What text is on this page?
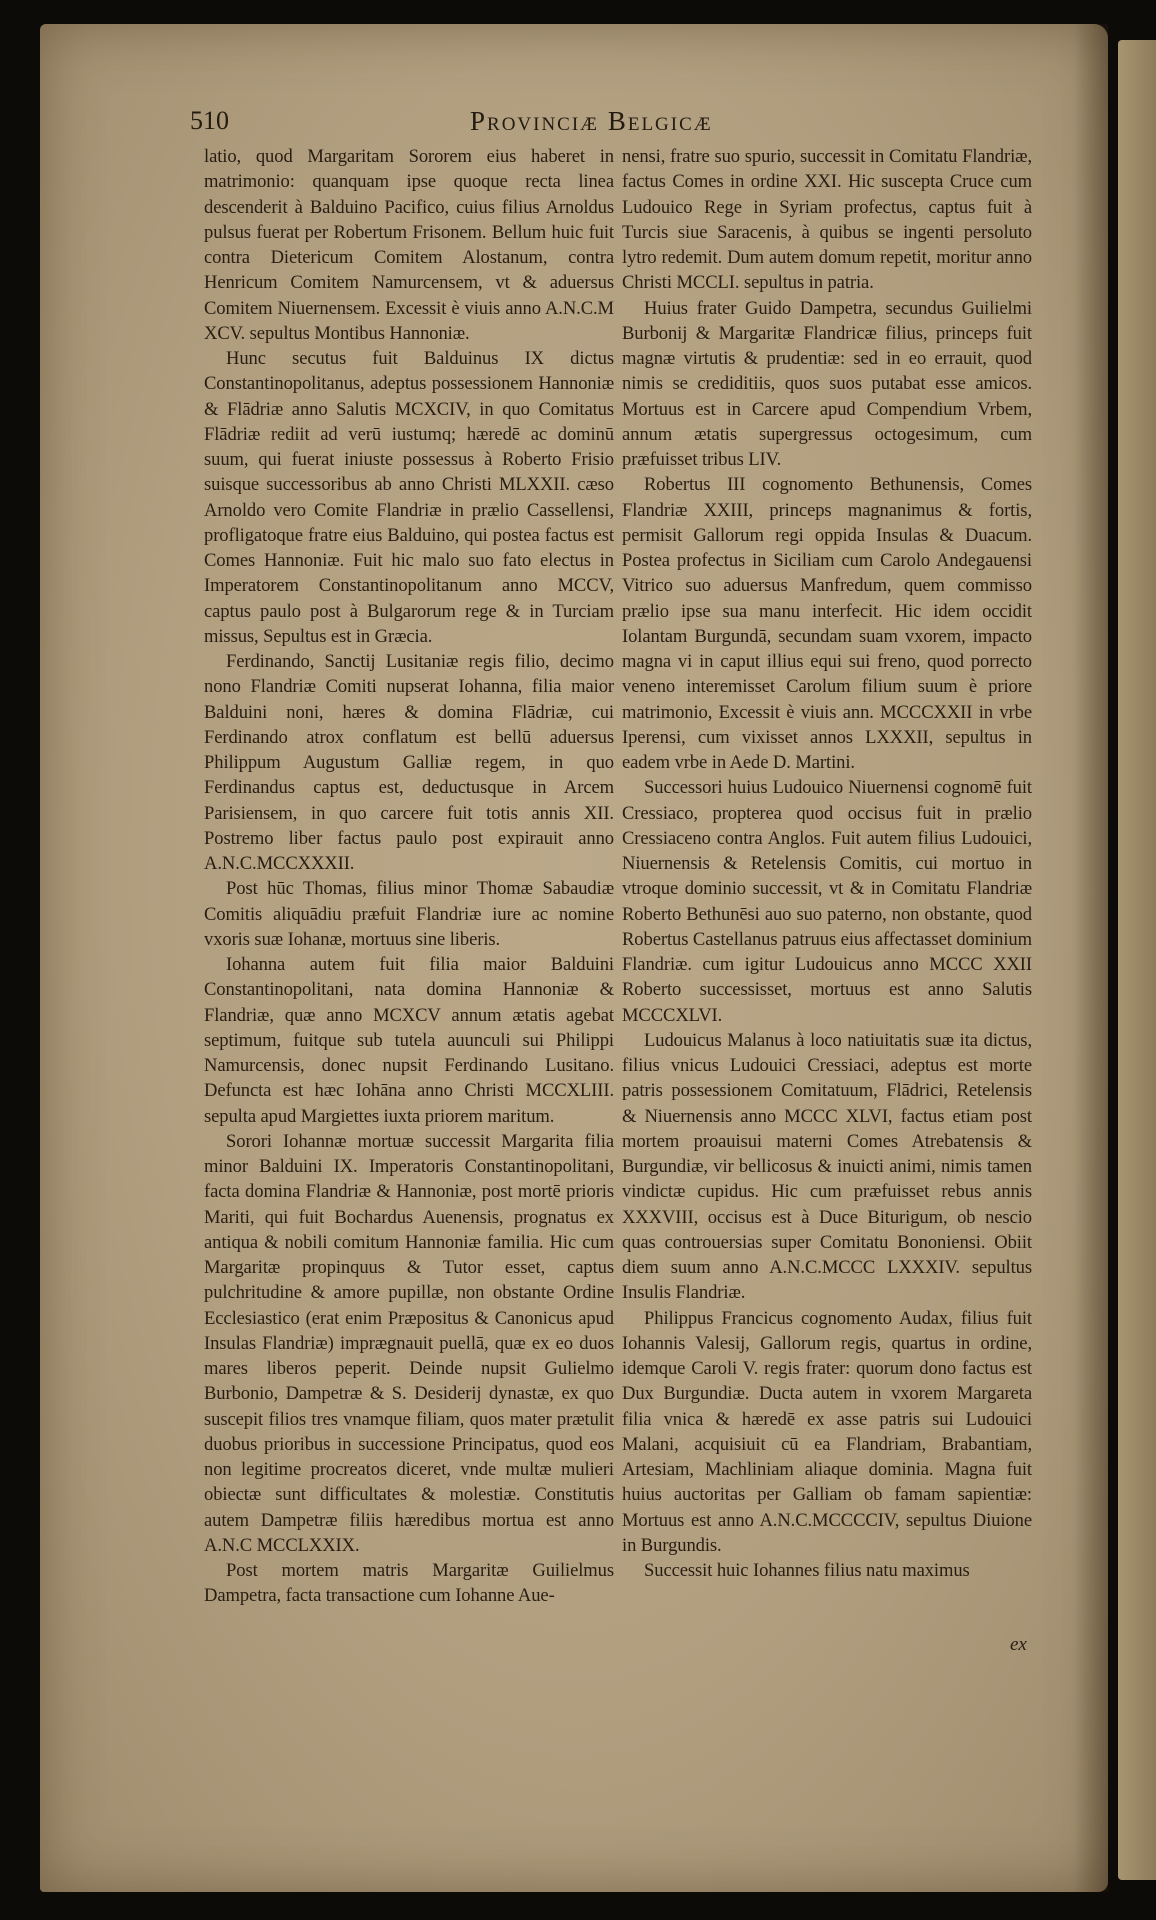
510	Provinciæ Belgicæ

latio, quod Margaritam Sororem eius haberet in matrimonio: quanquam ipse quoque recta linea descenderit à Balduino Pacifico, cuius filius Arnoldus pulsus fuerat per Robertum Frisonem. Bellum huic fuit contra Dietericum Comitem Alostanum, contra Henricum Comitem Namurcensem, vt & aduersus Comitem Niuernensem. Excessit è viuis anno A.N.C.M XCV. sepultus Montibus Hannoniæ.

Hunc secutus fuit Balduinus IX dictus Constantinopolitanus, adeptus possessionem Hannoniæ & Flādriæ anno Salutis MCXCIV, in quo Comitatus Flādriæ rediit ad verū iustumq; hæredē ac dominū suum, qui fuerat iniuste possessus à Roberto Frisio suisque successoribus ab anno Christi MLXXII. cæso Arnoldo vero Comite Flandriæ in prælio Cassellensi, profligatoque fratre eius Balduino, qui postea factus est Comes Hannoniæ. Fuit hic malo suo fato electus in Imperatorem Constantinopolitanum anno MCCV, captus paulo post à Bulgarorum rege & in Turciam missus, Sepultus est in Græcia.

Ferdinando, Sanctij Lusitaniæ regis filio, decimo nono Flandriæ Comiti nupserat Iohanna, filia maior Balduini noni, hæres & domina Flādriæ, cui Ferdinando atrox conflatum est bellū aduersus Philippum Augustum Galliæ regem, in quo Ferdinandus captus est, deductusque in Arcem Parisiensem, in quo carcere fuit totis annis XII. Postremo liber factus paulo post expirauit anno A.N.C.MCCXXXII.

Post hūc Thomas, filius minor Thomæ Sabaudiæ Comitis aliquādiu præfuit Flandriæ iure ac nomine vxoris suæ Iohanæ, mortuus sine liberis.

Iohanna autem fuit filia maior Balduini Constantinopolitani, nata domina Hannoniæ & Flandriæ, quæ anno MCXCV annum ætatis agebat septimum, fuitque sub tutela auunculi sui Philippi Namurcensis, donec nupsit Ferdinando Lusitano. Defuncta est hæc Iohāna anno Christi MCCXLIII. sepulta apud Margiettes iuxta priorem maritum.

Sorori Iohannæ mortuæ successit Margarita filia minor Balduini IX. Imperatoris Constantinopolitani, facta domina Flandriæ & Hannoniæ, post mortē prioris Mariti, qui fuit Bochardus Auenensis, prognatus ex antiqua & nobili comitum Hannoniæ familia. Hic cum Margaritæ propinquus & Tutor esset, captus pulchritudine & amore pupillæ, non obstante Ordine Ecclesiastico (erat enim Præpositus & Canonicus apud Insulas Flandriæ) imprægnauit puellā, quæ ex eo duos mares liberos peperit. Deinde nupsit Gulielmo Burbonio, Dampetræ & S. Desiderij dynastæ, ex quo suscepit filios tres vnamque filiam, quos mater prætulit duobus prioribus in successione Principatus, quod eos non legitime procreatos diceret, vnde multæ mulieri obiectæ sunt difficultates & molestiæ. Constitutis autem Dampetræ filiis hæredibus mortua est anno A.N.C MCCLXXIX.

Post mortem matris Margaritæ Guilielmus Dampetra, facta transactione cum Iohanne Aue-

nensi, fratre suo spurio, successit in Comitatu Flandriæ, factus Comes in ordine XXI. Hic suscepta Cruce cum Ludouico Rege in Syriam profectus, captus fuit à Turcis siue Saracenis, à quibus se ingenti persoluto lytro redemit. Dum autem domum repetit, moritur anno Christi MCCLI. sepultus in patria.

Huius frater Guido Dampetra, secundus Guilielmi Burbonij & Margaritæ Flandricæ filius, princeps fuit magnæ virtutis & prudentiæ: sed in eo errauit, quod nimis se crediditiis, quos suos putabat esse amicos. Mortuus est in Carcere apud Compendium Vrbem, annum ætatis supergressus octogesimum, cum præfuisset tribus LIV.

Robertus III cognomento Bethunensis, Comes Flandriæ XXIII, princeps magnanimus & fortis, permisit Gallorum regi oppida Insulas & Duacum. Postea profectus in Siciliam cum Carolo Andegauensi Vitrico suo aduersus Manfredum, quem commisso prælio ipse sua manu interfecit. Hic idem occidit Iolantam Burgundā, secundam suam vxorem, impacto magna vi in caput illius equi sui freno, quod porrecto veneno interemisset Carolum filium suum è priore matrimonio, Excessit è viuis ann. MCCCXXII in vrbe Iperensi, cum vixisset annos LXXXII, sepultus in eadem vrbe in Aede D. Martini.

Successori huius Ludouico Niuernensi cognomē fuit Cressiaco, propterea quod occisus fuit in prælio Cressiaceno contra Anglos. Fuit autem filius Ludouici, Niuernensis & Retelensis Comitis, cui mortuo in vtroque dominio successit, vt & in Comitatu Flandriæ Roberto Bethunēsi auo suo paterno, non obstante, quod Robertus Castellanus patruus eius affectasset dominium Flandriæ. cum igitur Ludouicus anno MCCC XXII Roberto successisset, mortuus est anno Salutis MCCCXLVI.

Ludouicus Malanus à loco natiuitatis suæ ita dictus, filius vnicus Ludouici Cressiaci, adeptus est morte patris possessionem Comitatuum, Flādrici, Retelensis & Niuernensis anno MCCC XLVI, factus etiam post mortem proauisui materni Comes Atrebatensis & Burgundiæ, vir bellicosus & inuicti animi, nimis tamen vindictæ cupidus. Hic cum præfuisset rebus annis XXXVIII, occisus est à Duce Biturigum, ob nescio quas controuersias super Comitatu Bononiensi. Obiit diem suum anno A.N.C.MCCC LXXXIV. sepultus Insulis Flandriæ.

Philippus Francicus cognomento Audax, filius fuit Iohannis Valesij, Gallorum regis, quartus in ordine, idemque Caroli V. regis frater: quorum dono factus est Dux Burgundiæ. Ducta autem in vxorem Margareta filia vnica & hæredē ex asse patris sui Ludouici Malani, acquisiuit cū ea Flandriam, Brabantiam, Artesiam, Machliniam aliaque dominia. Magna fuit huius auctoritas per Galliam ob famam sapientiæ: Mortuus est anno A.N.C.MCCCCIV, sepultus Diuione in Burgundis.

Successit huic Iohannes filius natu maximus

ex
